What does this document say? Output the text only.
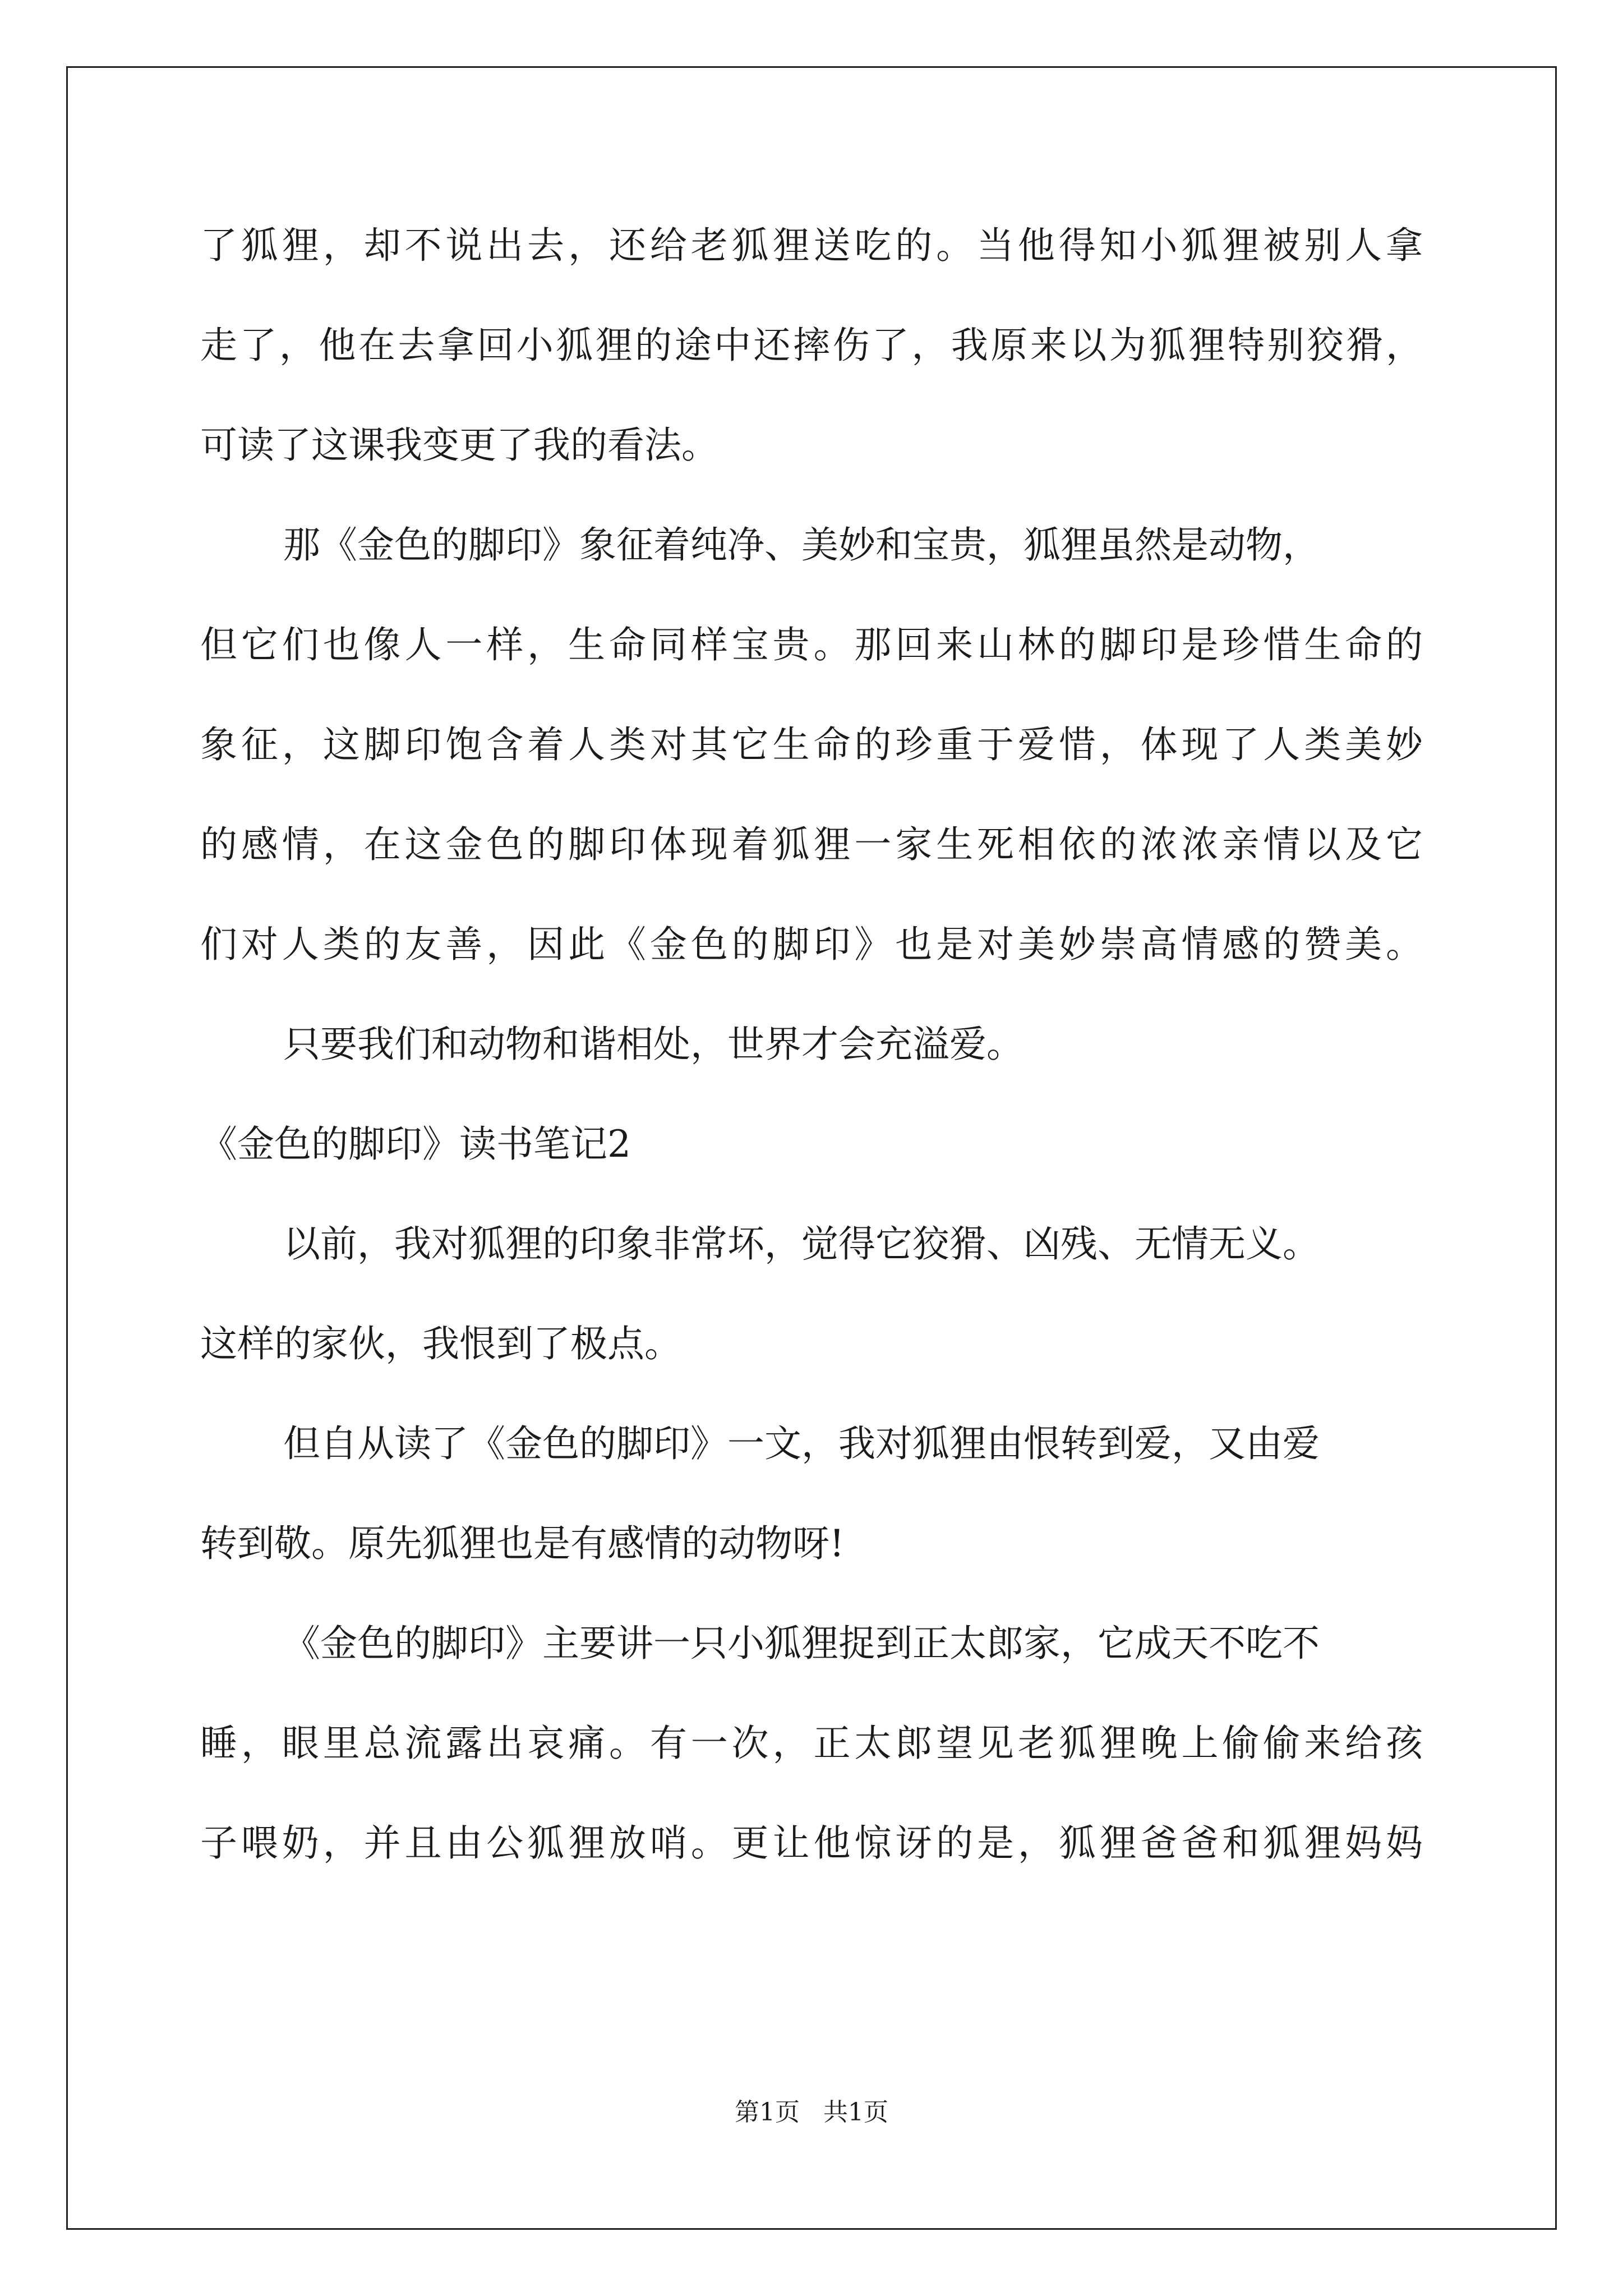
了狐狸，却不说出去，还给老狐狸送吃的。当他得知小狐狸被别人拿
走了，他在去拿回小狐狸的途中还摔伤了，我原来以为狐狸特别狡猾，
可读了这课我变更了我的看法。
那《金色的脚印》象征着纯净、美妙和宝贵，狐狸虽然是动物，
但它们也像人一样，生命同样宝贵。那回来山林的脚印是珍惜生命的
象征，这脚印饱含着人类对其它生命的珍重于爱惜，体现了人类美妙
的感情，在这金色的脚印体现着狐狸一家生死相依的浓浓亲情以及它
们对人类的友善，因此《金色的脚印》也是对美妙崇高情感的赞美。
只要我们和动物和谐相处，世界才会充溢爱。
《金色的脚印》读书笔记2
以前，我对狐狸的印象非常坏，觉得它狡猾、凶残、无情无义。
这样的家伙，我恨到了极点。
但自从读了《金色的脚印》一文，我对狐狸由恨转到爱，又由爱
转到敬。原先狐狸也是有感情的动物呀!
《金色的脚印》主要讲一只小狐狸捉到正太郎家，它成天不吃不
睡，眼里总流露出哀痛。有一次，正太郎望见老狐狸晚上偷偷来给孩
子喂奶，并且由公狐狸放哨。更让他惊讶的是，狐狸爸爸和狐狸妈妈
第1页 共1页
